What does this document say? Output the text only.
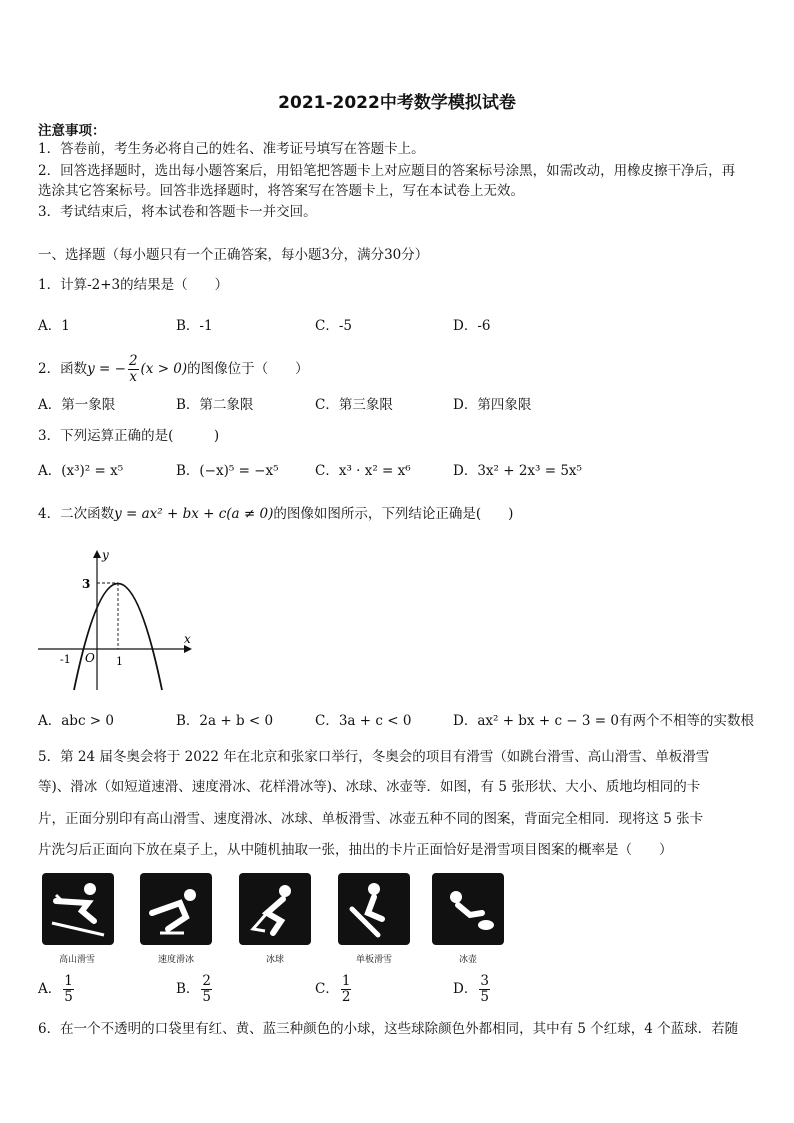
2021-2022中考数学模拟试卷
注意事项：
1．答卷前，考生务必将自己的姓名、准考证号填写在答题卡上。
2．回答选择题时，选出每小题答案后，用铅笔把答题卡上对应题目的答案标号涂黑，如需改动，用橡皮擦干净后，再
选涂其它答案标号。回答非选择题时，将答案写在答题卡上，写在本试卷上无效。
3．考试结束后，将本试卷和答题卡一并交回。
一、选择题（每小题只有一个正确答案，每小题3分，满分30分）
1．计算-2+3的结果是（　　）
A．1	B．-1	C．-5	D．-6
2．函数y = − $\frac{2}{x} (x > 0)$的图像位于（　　）
A．第一象限	B．第二象限	C．第三象限	D．第四象限
3．下列运算正确的是(　　　)
A．(x³)² = x⁵	B．(−x)⁵ = −x⁵	C．x³ · x² = x⁶	D．3x² + 2x³ = 5x⁵
4．二次函数y = ax² + bx + c(a ≠ 0)的图像如图所示，下列结论正确是(　　)
y
x
O
3
1
-1
A．abc > 0	B．2a + b < 0	C．3a + c < 0	D．ax² + bx + c − 3 = 0有两个不相等的实数根
5．第 24 届冬奥会将于 2022 年在北京和张家口举行，冬奥会的项目有滑雪（如跳台滑雪、高山滑雪、单板滑雪
等)、滑冰（如短道速滑、速度滑冰、花样滑冰等)、冰球、冰壶等．如图，有 5 张形状、大小、质地均相同的卡
片，正面分别印有高山滑雪、速度滑冰、冰球、单板滑雪、冰壶五种不同的图案，背面完全相同．现将这 5 张卡
片洗匀后正面向下放在桌子上，从中随机抽取一张，抽出的卡片正面恰好是滑雪项目图案的概率是（　　）
高山滑雪	速度滑冰	冰球	单板滑雪	冰壶
A． $\frac{1}{5}$	B． $\frac{2}{5}$	C． $\frac{1}{2}$	D． $\frac{3}{5}$
6．在一个不透明的口袋里有红、黄、蓝三种颜色的小球，这些球除颜色外都相同，其中有 5 个红球，4 个蓝球．若随
